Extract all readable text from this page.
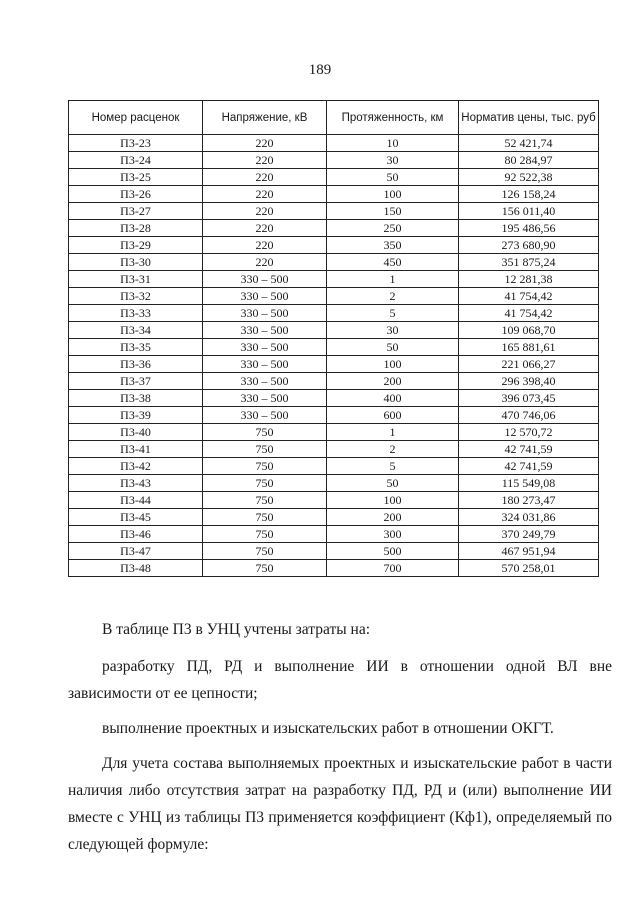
189
Номер расценок	Напряжение, кВ	Протяженность, км	Норматив цены, тыс. руб
П3-23	220	10	52 421,74
П3-24	220	30	80 284,97
П3-25	220	50	92 522,38
П3-26	220	100	126 158,24
П3-27	220	150	156 011,40
П3-28	220	250	195 486,56
П3-29	220	350	273 680,90
П3-30	220	450	351 875,24
П3-31	330 – 500	1	12 281,38
П3-32	330 – 500	2	41 754,42
П3-33	330 – 500	5	41 754,42
П3-34	330 – 500	30	109 068,70
П3-35	330 – 500	50	165 881,61
П3-36	330 – 500	100	221 066,27
П3-37	330 – 500	200	296 398,40
П3-38	330 – 500	400	396 073,45
П3-39	330 – 500	600	470 746,06
П3-40	750	1	12 570,72
П3-41	750	2	42 741,59
П3-42	750	5	42 741,59
П3-43	750	50	115 549,08
П3-44	750	100	180 273,47
П3-45	750	200	324 031,86
П3-46	750	300	370 249,79
П3-47	750	500	467 951,94
П3-48	750	700	570 258,01

В таблице П3 в УНЦ учтены затраты на:

разработку ПД, РД и выполнение ИИ в отношении одной ВЛ вне зависимости от ее цепности;

выполнение проектных и изыскательских работ в отношении ОКГТ.

Для учета состава выполняемых проектных и изыскательские работ в части наличия либо отсутствия затрат на разработку ПД, РД и (или) выполнение ИИ вместе с УНЦ из таблицы П3 применяется коэффициент (Кф1), определяемый по следующей формуле:
